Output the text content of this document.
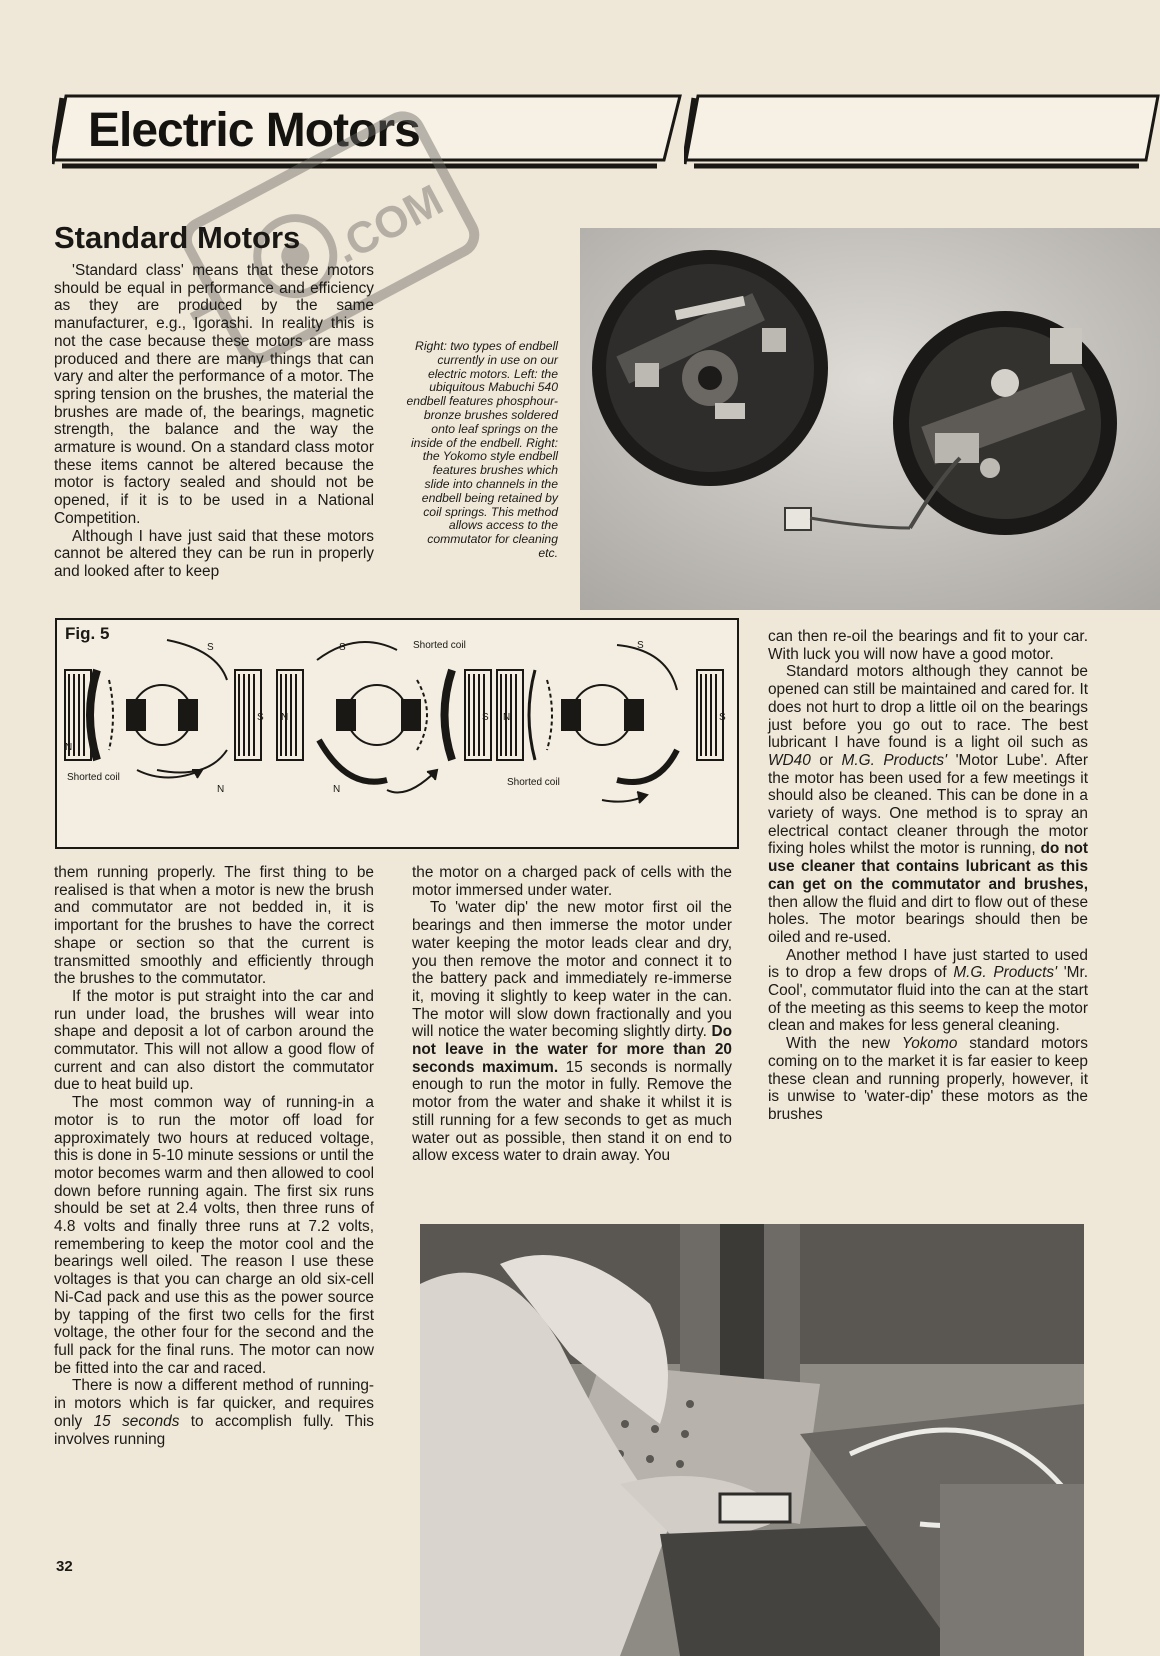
Electric Motors
.COM
Standard Motors

'Standard class' means that these motors should be equal in performance and efficiency as they are produced by the same manufacturer, e.g., Igorashi. In reality this is not the case because these motors are mass produced and there are many things that can vary and alter the performance of a motor. The spring tension on the brushes, the material the brushes are made of, the bearings, magnetic strength, the balance and the way the armature is wound. On a standard class motor these items cannot be altered because the motor is factory sealed and should not be opened, if it is to be used in a National Competition.

Although I have just said that these motors cannot be altered they can be run in properly and looked after to keep

Right: two types of endbell currently in use on our electric motors. Left: the ubiquitous Mabuchi 540 endbell features phosphour-bronze brushes soldered onto leaf springs on the inside of the endbell. Right: the Yokomo style endbell features brushes which slide into channels in the endbell being retained by coil springs. This method allows access to the commutator for cleaning etc.
Fig. 5
N
S
S
N
N
S
N
S N
S
S
Shorted coil
Shorted coil
Shorted coil

them running properly. The first thing to be realised is that when a motor is new the brush and commutator are not bedded in, it is important for the brushes to have the correct shape or section so that the current is transmitted smoothly and efficiently through the brushes to the commutator.

If the motor is put straight into the car and run under load, the brushes will wear into shape and deposit a lot of carbon around the commutator. This will not allow a good flow of current and can also distort the commutator due to heat build up.

The most common way of running-in a motor is to run the motor off load for approximately two hours at reduced voltage, this is done in 5-10 minute sessions or until the motor becomes warm and then allowed to cool down before running again. The first six runs should be set at 2.4 volts, then three runs of 4.8 volts and finally three runs at 7.2 volts, remembering to keep the motor cool and the bearings well oiled. The reason I use these voltages is that you can charge an old six-cell Ni-Cad pack and use this as the power source by tapping of the first two cells for the first voltage, the other four for the second and the full pack for the final runs. The motor can now be fitted into the car and raced.

There is now a different method of running-in motors which is far quicker, and requires only 15 seconds to accomplish fully. This involves running

the motor on a charged pack of cells with the motor immersed under water.

To 'water dip' the new motor first oil the bearings and then immerse the motor under water keeping the motor leads clear and dry, you then remove the motor and connect it to the battery pack and immediately re-immerse it, moving it slightly to keep water in the can. The motor will slow down fractionally and you will notice the water becoming slightly dirty. Do not leave in the water for more than 20 seconds maximum. 15 seconds is normally enough to run the motor in fully. Remove the motor from the water and shake it whilst it is still running for a few seconds to get as much water out as possible, then stand it on end to allow excess water to drain away. You

can then re-oil the bearings and fit to your car. With luck you will now have a good motor.

Standard motors although they cannot be opened can still be maintained and cared for. It does not hurt to drop a little oil on the bearings just before you go out to race. The best lubricant I have found is a light oil such as WD40 or M.G. Products' 'Motor Lube'. After the motor has been used for a few meetings it should also be cleaned. This can be done in a variety of ways. One method is to spray an electrical contact cleaner through the motor fixing holes whilst the motor is running, do not use cleaner that contains lubricant as this can get on the commutator and brushes, then allow the fluid and dirt to flow out of these holes. The motor bearings should then be oiled and re-used.

Another method I have just started to used is to drop a few drops of M.G. Products' 'Mr. Cool', commutator fluid into the can at the start of the meeting as this seems to keep the motor clean and makes for less general cleaning.

With the new Yokomo standard motors coming on to the market it is far easier to keep these clean and running properly, however, it is unwise to 'water-dip' these motors as the brushes

32
